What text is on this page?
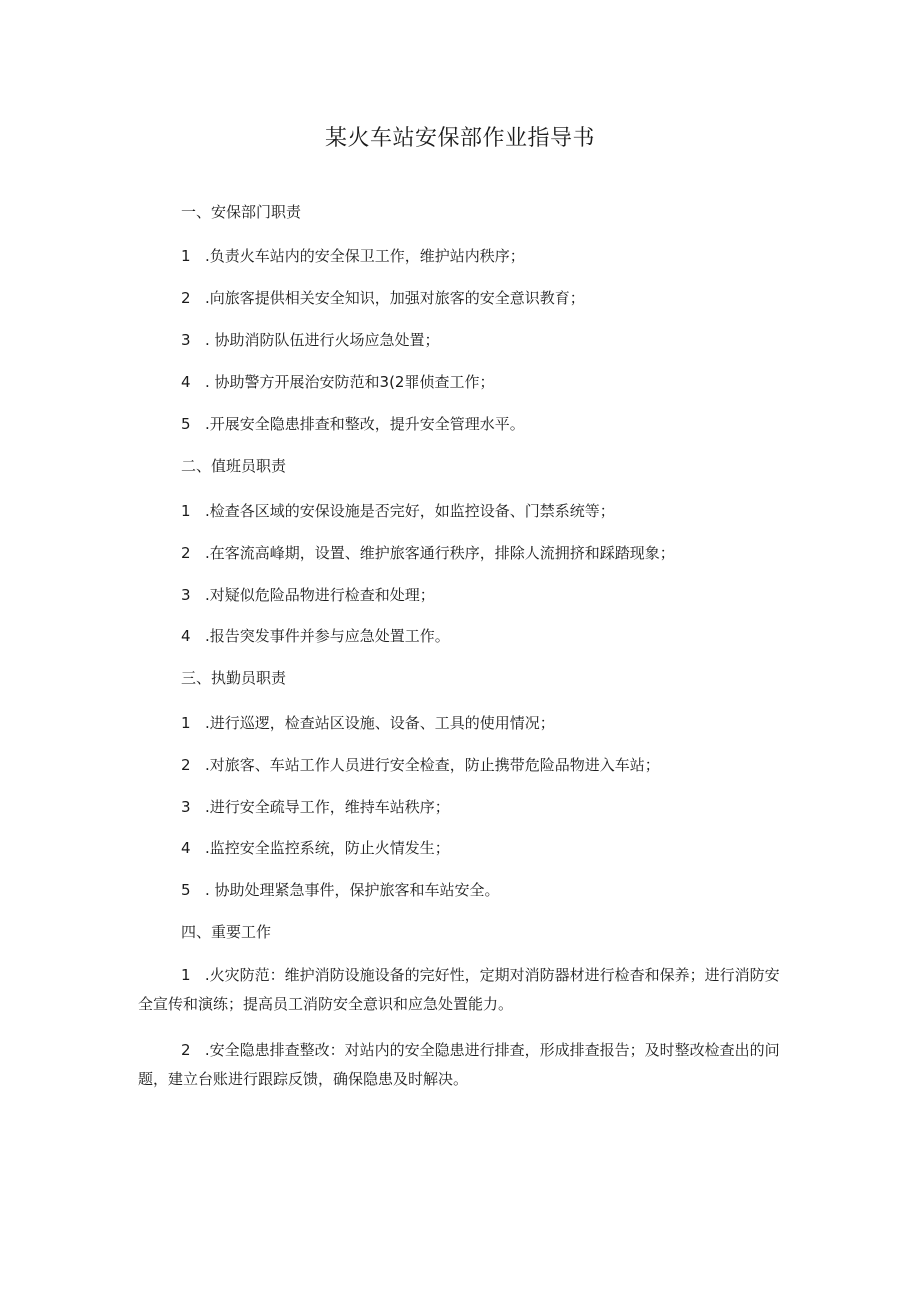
某火车站安保部作业指导书
一、安保部门职责
1 .负责火车站内的安全保卫工作，维护站内秩序；
2 .向旅客提供相关安全知识，加强对旅客的安全意识教育；
3 . 协助消防队伍进行火场应急处置；
4 . 协助警方开展治安防范和3(2罪侦查工作；
5 .开展安全隐患排查和整改，提升安全管理水平。
二、值班员职责
1 .检查各区域的安保设施是否完好，如监控设备、门禁系统等；
2 .在客流高峰期，设置、维护旅客通行秩序，排除人流拥挤和踩踏现象；
3 .对疑似危险品物进行检查和处理；
4 .报告突发事件并参与应急处置工作。
三、执勤员职责
1 .进行巡逻，检查站区设施、设备、工具的使用情况；
2 .对旅客、车站工作人员进行安全检查，防止携带危险品物进入车站；
3 .进行安全疏导工作，维持车站秩序；
4 .监控安全监控系统，防止火情发生；
5 . 协助处理紧急事件，保护旅客和车站安全。
四、重要工作
1 .火灾防范：维护消防设施设备的完好性，定期对消防器材进行检杳和保养；进行消防安全宣传和演练；提高员工消防安全意识和应急处置能力。
2 .安全隐患排查整改：对站内的安全隐患进行排查，形成排查报告；及时整改检查出的问题，建立台账进行跟踪反馈，确保隐患及时解决。
